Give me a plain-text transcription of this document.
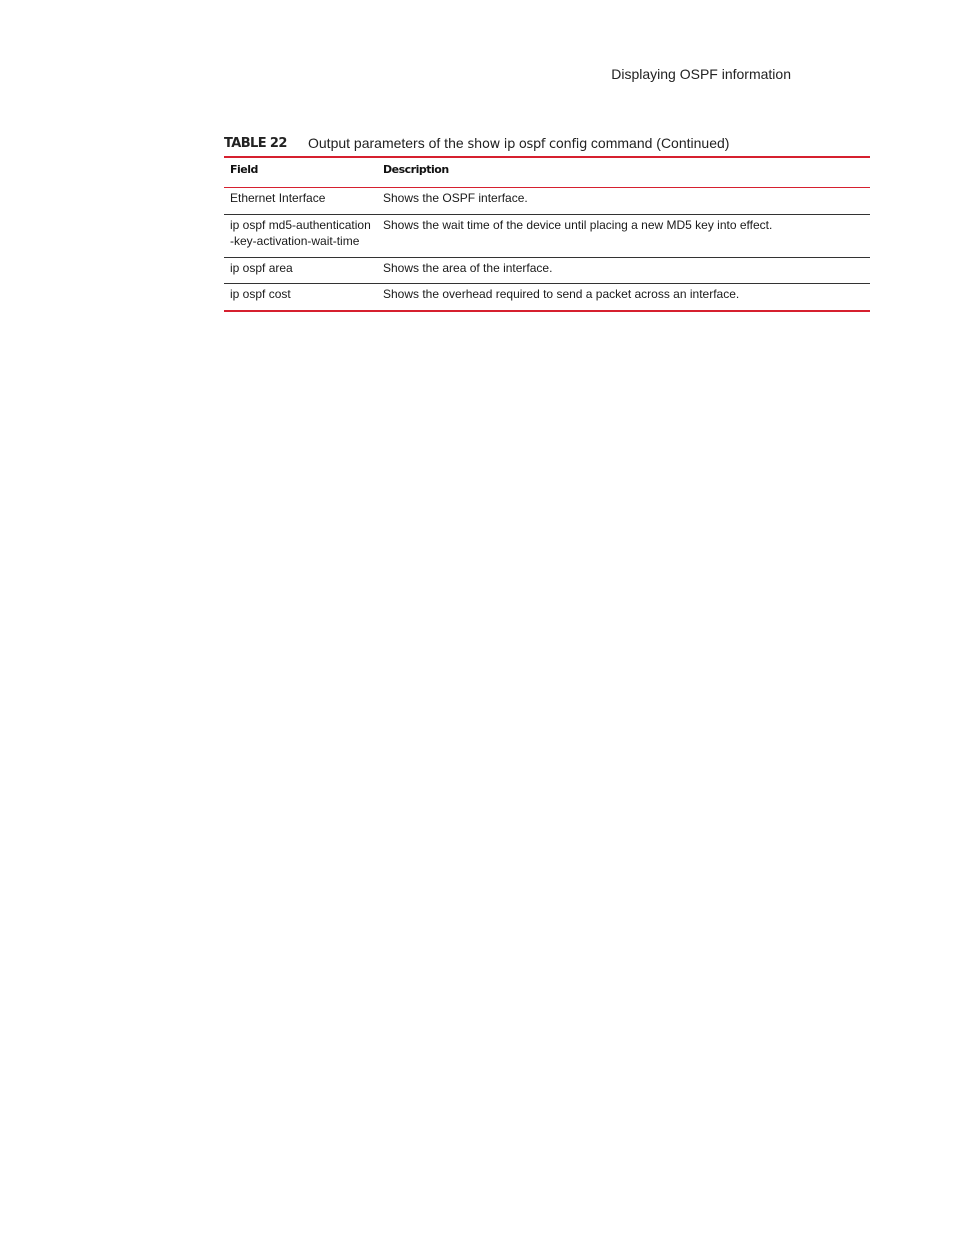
Displaying OSPF information
TABLE 22 Output parameters of the show ip ospf config command (Continued)
Field	Description
Ethernet Interface	Shows the OSPF interface.
ip ospf md5-authentication-key-activation-wait-time	Shows the wait time of the device until placing a new MD5 key into effect.
ip ospf area	Shows the area of the interface.
ip ospf cost	Shows the overhead required to send a packet across an interface.
